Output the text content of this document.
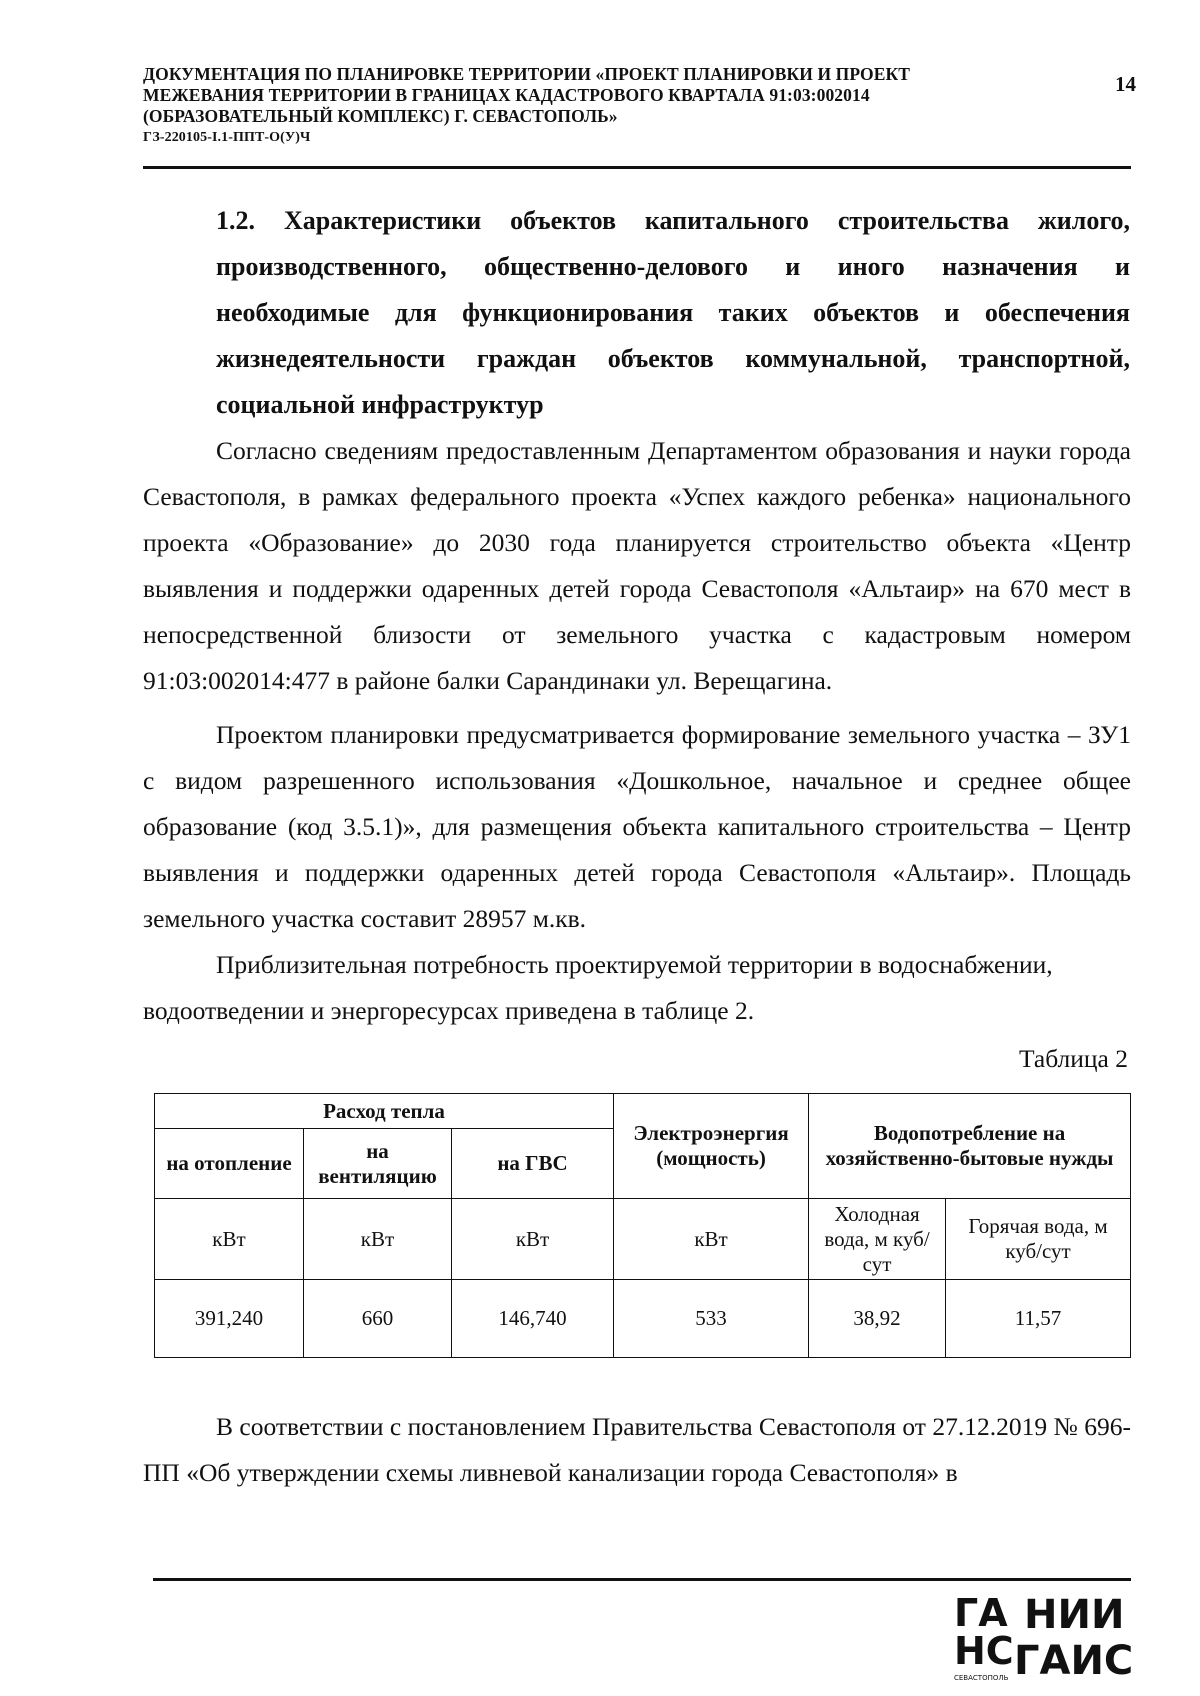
ДОКУМЕНТАЦИЯ ПО ПЛАНИРОВКЕ ТЕРРИТОРИИ «ПРОЕКТ ПЛАНИРОВКИ И ПРОЕКТ
МЕЖЕВАНИЯ ТЕРРИТОРИИ В ГРАНИЦАХ КАДАСТРОВОГО КВАРТАЛА 91:03:002014
(ОБРАЗОВАТЕЛЬНЫЙ КОМПЛЕКС) Г. СЕВАСТОПОЛЬ»
ГЗ-220105-І.1-ППТ-О(У)Ч
14
1.2. Характеристики объектов капитального строительства жилого, производственного, общественно-делового и иного назначения и необходимые для функционирования таких объектов и обеспечения жизнедеятельности граждан объектов коммунальной, транспортной, социальной инфраструктур
Согласно сведениям предоставленным Департаментом образования и науки города Севастополя, в рамках федерального проекта «Успех каждого ребенка» национального проекта «Образование» до 2030 года планируется строительство объекта «Центр выявления и поддержки одаренных детей города Севастополя «Альтаир» на 670 мест в непосредственной близости от земельного участка с кадастровым номером 91:03:002014:477 в районе балки Сарандинаки ул. Верещагина.
Проектом планировки предусматривается формирование земельного участка – ЗУ1 с видом разрешенного использования «Дошкольное, начальное и среднее общее образование (код 3.5.1)», для размещения объекта капитального строительства – Центр выявления и поддержки одаренных детей города Севастополя «Альтаир». Площадь земельного участка составит 28957 м.кв.
Приблизительная потребность проектируемой территории в водоснабжении, водоотведении и энергоресурсах приведена в таблице 2.
Таблица 2
Расход тепла			Электроэнергия (мощность)	Водопотребление на хозяйственно-бытовые нужды	
на отопление	на вентиляцию	на ГВС			
кВт	кВт	кВт	кВт	Холодная вода, м куб/сут	Горячая вода, м куб/сут
391,240	660	146,740	533	38,92	11,57
В соответствии с постановлением Правительства Севастополя от 27.12.2019 № 696-ПП «Об утверждении схемы ливневой канализации города Севастополя» в
ГА
НС
СЕВАСТОПОЛЬ
НИИ
ГАИС
